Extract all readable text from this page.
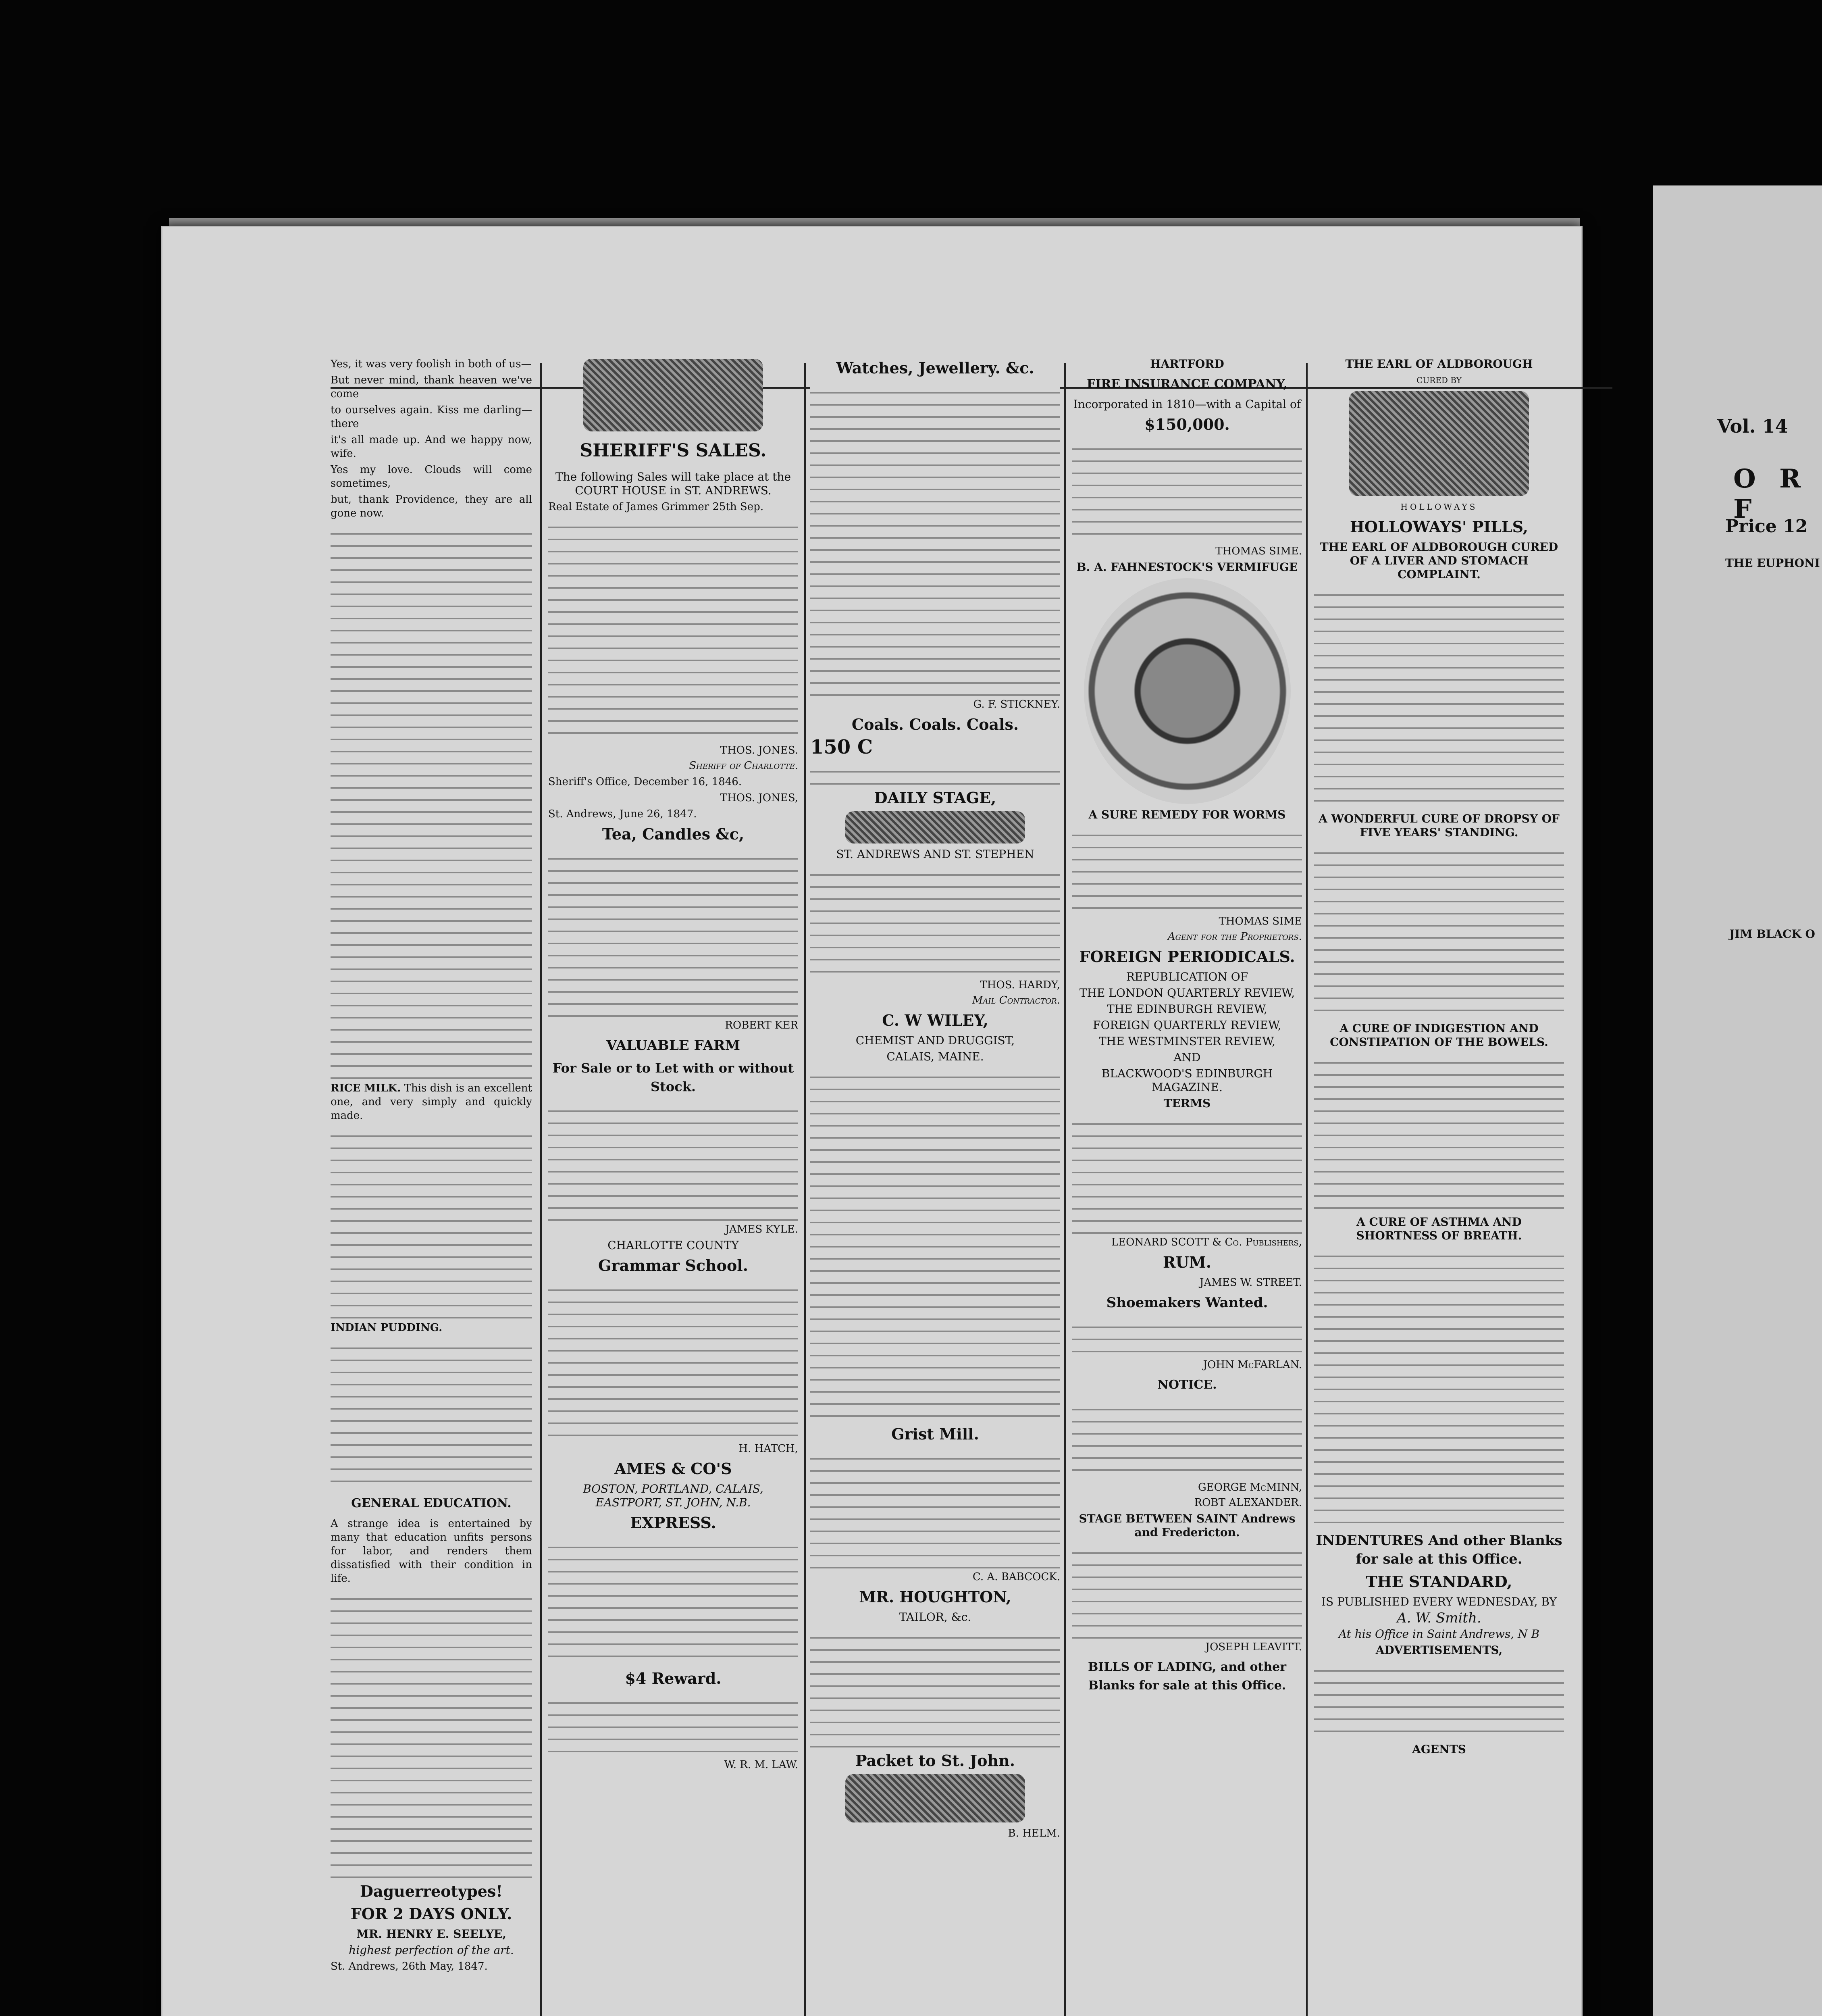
Vol. 14
O R F
Price 12
THE EUPHONI
JIM BLACK O

Yes, it was very foolish in both of us—

But never mind, thank heaven we've come

to ourselves again. Kiss me darling—there

it's all made up. And we happy now, wife.

Yes my love. Clouds will come sometimes,

but, thank Providence, they are all gone now.

RICE MILK. This dish is an excellent one, and very simply and quickly made.

INDIAN PUDDING.

GENERAL EDUCATION.

A strange idea is entertained by many that education unfits persons for labor, and renders them dissatisfied with their condition in life.

Daguerreotypes!
FOR 2 DAYS ONLY.
MR. HENRY E. SEELYE,
highest perfection of the art.
St. Andrews, 26th May, 1847.
SHERIFF'S SALES.
The following Sales will take place at the COURT HOUSE in ST. ANDREWS.

Real Estate of James Grimmer 25th Sep.

THOS. JONES.
Sheriff of Charlotte.

Sheriff's Office, December 16, 1846.

THOS. JONES,

St. Andrews, June 26, 1847.

Tea, Candles &c,
ROBERT KER
VALUABLE FARM
For Sale or to Let with or without Stock.
JAMES KYLE.
CHARLOTTE COUNTY
Grammar School.
H. HATCH,
AMES & CO'S
BOSTON, PORTLAND, CALAIS, EASTPORT, ST. JOHN, N.B.
EXPRESS.
$4 Reward.
W. R. M. LAW.
Watches, Jewellery. &c.
G. F. STICKNEY.
Coals. Coals. Coals.
150 C
DAILY STAGE,
ST. ANDREWS AND ST. STEPHEN
THOS. HARDY,
Mail Contractor.
C. W WILEY,
CHEMIST AND DRUGGIST,
CALAIS, MAINE.
Grist Mill.
C. A. BABCOCK.
MR. HOUGHTON,
TAILOR, &c.
Packet to St. John.
B. HELM.
HARTFORD
FIRE INSURANCE COMPANY,
Incorporated in 1810—with a Capital of
$150,000.
THOMAS SIME.
B. A. FAHNESTOCK'S VERMIFUGE
A SURE REMEDY FOR WORMS
THOMAS SIME
Agent for the Proprietors.
FOREIGN PERIODICALS.
REPUBLICATION OF
THE LONDON QUARTERLY REVIEW,
THE EDINBURGH REVIEW,
FOREIGN QUARTERLY REVIEW,
THE WESTMINSTER REVIEW,
AND
BLACKWOOD'S EDINBURGH MAGAZINE.
TERMS
LEONARD SCOTT & Co. Publishers,
RUM.
JAMES W. STREET.
Shoemakers Wanted.
JOHN McFARLAN.
NOTICE.
GEORGE McMINN,
ROBT ALEXANDER.
STAGE BETWEEN SAINT Andrews and Fredericton.
JOSEPH LEAVITT.
BILLS OF LADING, and other Blanks for sale at this Office.
THE EARL OF ALDBOROUGH
CURED BY
HOLLOWAYS
HOLLOWAYS' PILLS,
THE EARL OF ALDBOROUGH CURED OF A LIVER AND STOMACH COMPLAINT.
A WONDERFUL CURE OF DROPSY OF FIVE YEARS' STANDING.
A CURE OF INDIGESTION AND CONSTIPATION OF THE BOWELS.
A CURE OF ASTHMA AND SHORTNESS OF BREATH.
INDENTURES And other Blanks for sale at this Office.
THE STANDARD,
IS PUBLISHED EVERY WEDNESDAY, BY
A. W. Smith.
At his Office in Saint Andrews, N B
ADVERTISEMENTS,
AGENTS
